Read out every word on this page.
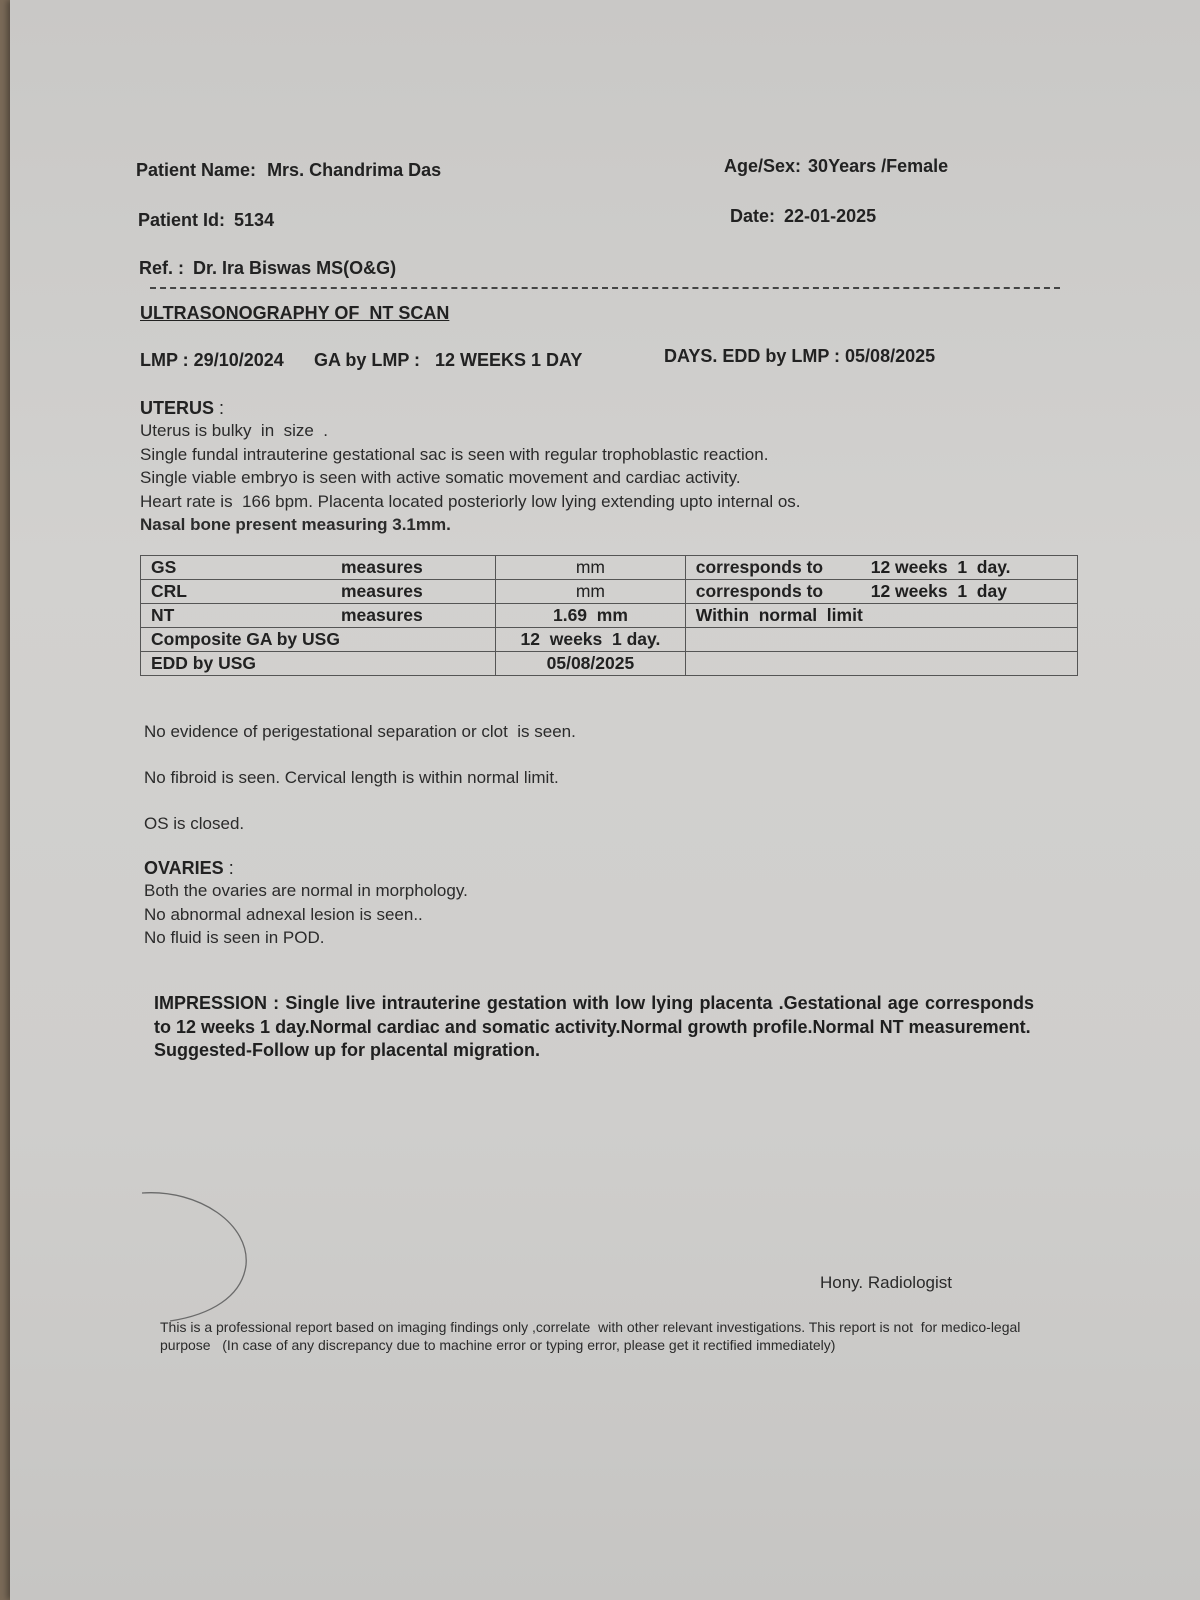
Patient Name: Mrs. Chandrima Das	Age/Sex: 30Years /Female
Patient Id: 5134	Date: 22-01-2025
Ref. : Dr. Ira Biswas MS(O&G)
ULTRASONOGRAPHY OF  NT SCAN
LMP : 29/10/2024 GA by LMP :   12 WEEKS 1 DAY	DAYS. EDD by LMP : 05/08/2025
UTERUS :
Uterus is bulky  in  size  .
Single fundal intrauterine gestational sac is seen with regular trophoblastic reaction.
Single viable embryo is seen with active somatic movement and cardiac activity.
Heart rate is  166 bpm. Placenta located posteriorly low lying extending upto internal os.
Nasal bone present measuring 3.1mm.
GS measures	mm	corresponds to 12 weeks  1  day.
CRL measures	mm	corresponds to 12 weeks  1  day
NT measures	1.69  mm	Within  normal  limit
Composite GA by USG	12  weeks  1 day.	
EDD by USG	05/08/2025	
No evidence of perigestational separation or clot  is seen.
No fibroid is seen. Cervical length is within normal limit.
OS is closed.
OVARIES :
Both the ovaries are normal in morphology.
No abnormal adnexal lesion is seen..
No fluid is seen in POD.
IMPRESSION : Single live intrauterine gestation with low lying placenta .Gestational age corresponds to 12 weeks 1 day.Normal cardiac and somatic activity.Normal growth profile.Normal NT measurement.
Suggested-Follow up for placental migration.
Hony. Radiologist
This is a professional report based on imaging findings only ,correlate  with other relevant investigations. This report is not  for medico-legal purpose   (In case of any discrepancy due to machine error or typing error, please get it rectified immediately)
